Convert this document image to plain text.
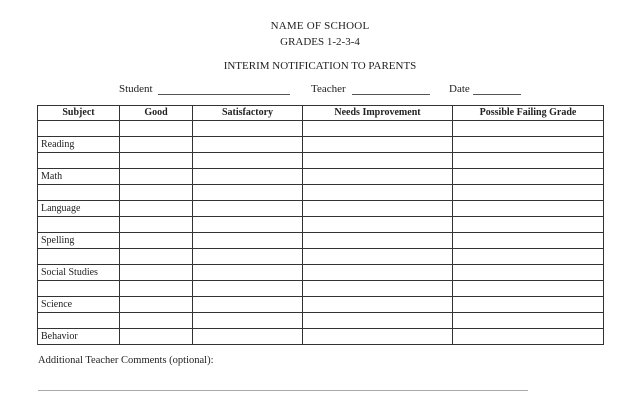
NAME OF SCHOOL
GRADES 1-2-3-4
INTERIM NOTIFICATION TO PARENTS
Student	Teacher	Date
Subject	Good	Satisfactory	Needs Improvement	Possible Failing Grade

Reading				

Math				

Language				

Spelling				

Social Studies				

Science				

Behavior				
Additional Teacher Comments (optional):
